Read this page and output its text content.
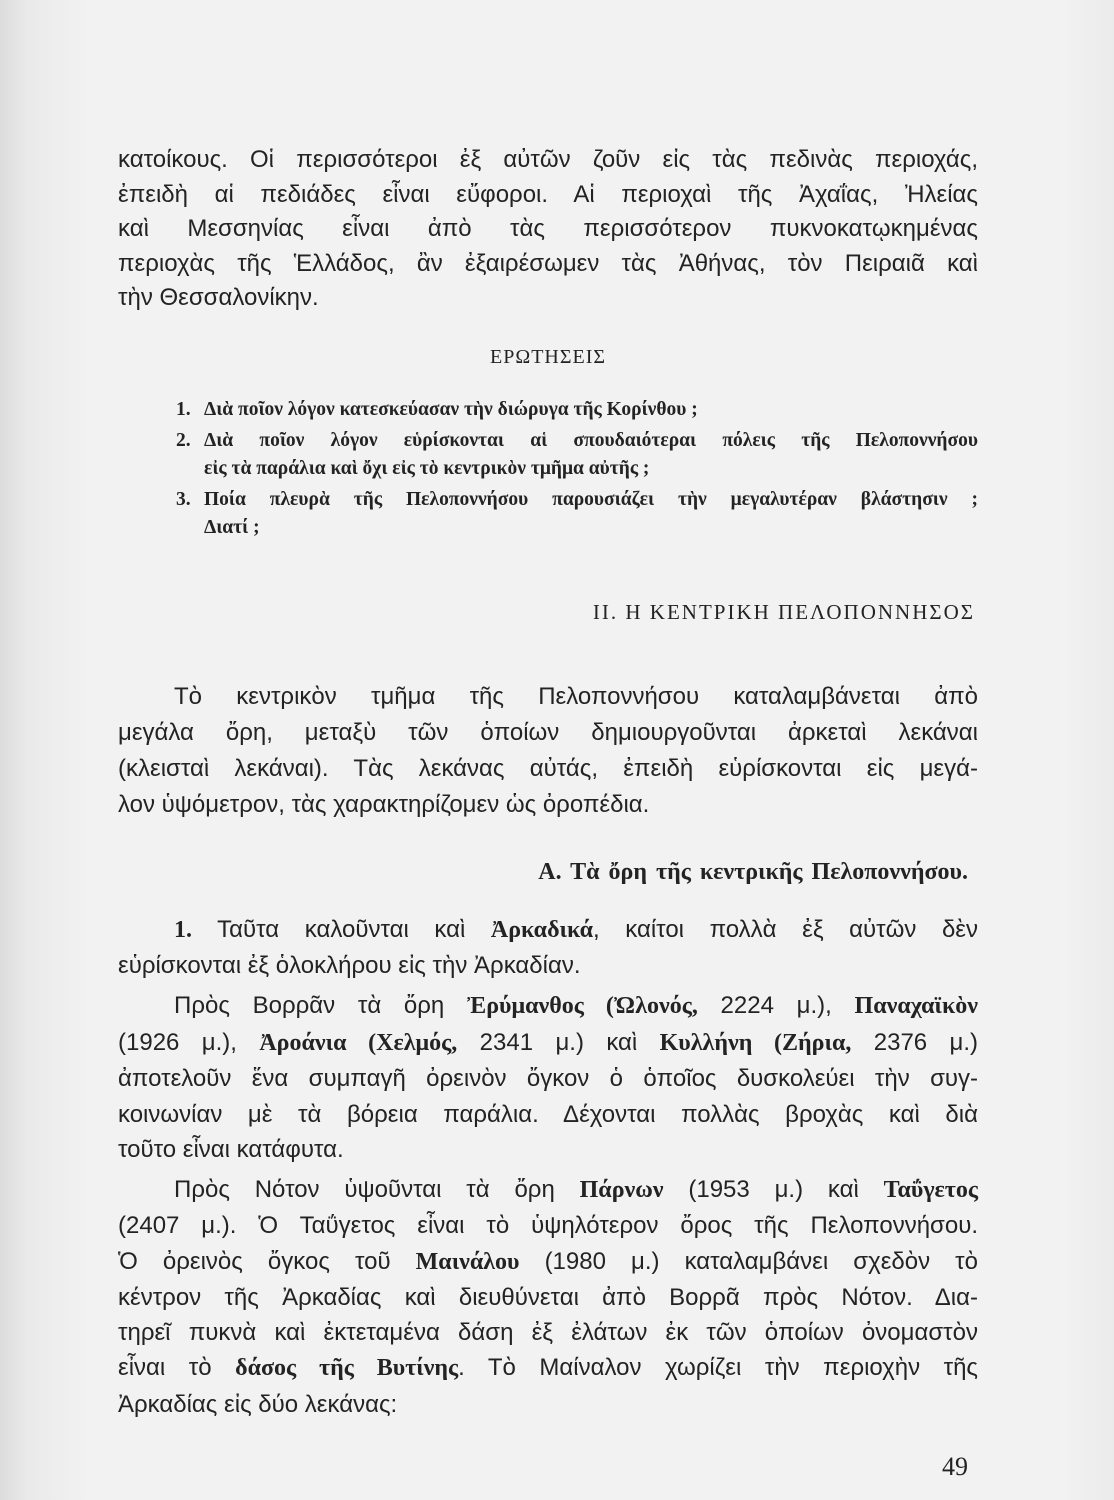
κατοίκους. Οἱ περισσότεροι ἐξ αὐτῶν ζοῦν εἰς τὰς πεδινὰς περιοχάς,
ἐπειδὴ αἱ πεδιάδες εἶναι εὔφοροι. Αἱ περιοχαὶ τῆς Ἀχαΐας, Ἠλείας
καὶ Μεσσηνίας εἶναι ἀπὸ τὰς περισσότερον πυκνοκατῳκημένας
περιοχὰς τῆς Ἑλλάδος, ἂν ἐξαιρέσωμεν τὰς Ἀθήνας, τὸν Πειραιᾶ καὶ
τὴν Θεσσαλονίκην.
ΕΡΩΤΗΣΕΙΣ
1. Διὰ ποῖον λόγον κατεσκεύασαν τὴν διώρυγα τῆς Κορίνθου ;
2. Διὰ ποῖον λόγον εὑρίσκονται αἱ σπουδαιότεραι πόλεις τῆς Πελοποννήσου
εἰς τὰ παράλια καὶ ὄχι εἰς τὸ κεντρικὸν τμῆμα αὐτῆς ;
3. Ποία πλευρὰ τῆς Πελοποννήσου παρουσιάζει τὴν μεγαλυτέραν βλάστησιν ;
Διατί ;
II. Η ΚΕΝΤΡΙΚΗ ΠΕΛΟΠΟΝΝΗΣΟΣ
Τὸ κεντρικὸν τμῆμα τῆς Πελοποννήσου καταλαμβάνεται ἀπὸ
μεγάλα ὄρη, μεταξὺ τῶν ὁποίων δημιουργοῦνται ἀρκεταὶ λεκάναι
(κλεισταὶ λεκάναι). Τὰς λεκάνας αὐτάς, ἐπειδὴ εὑρίσκονται εἰς μεγά-
λον ὑψόμετρον, τὰς χαρακτηρίζομεν ὡς ὀροπέδια.
Α. Τὰ ὄρη τῆς κεντρικῆς Πελοποννήσου.
1. Ταῦτα καλοῦνται καὶ Ἀρκαδικά, καίτοι πολλὰ ἐξ αὐτῶν δὲν
εὑρίσκονται ἐξ ὁλοκλήρου εἰς τὴν Ἀρκαδίαν.
Πρὸς Βορρᾶν τὰ ὄρη Ἐρύμανθος (Ὠλονός, 2224 μ.), Παναχαϊκὸν
(1926 μ.), Ἀροάνια (Χελμός, 2341 μ.) καὶ Κυλλήνη (Ζήρια, 2376 μ.)
ἀποτελοῦν ἕνα συμπαγῆ ὀρεινὸν ὄγκον ὁ ὁποῖος δυσκολεύει τὴν συγ-
κοινωνίαν μὲ τὰ βόρεια παράλια. Δέχονται πολλὰς βροχὰς καὶ διὰ
τοῦτο εἶναι κατάφυτα.
Πρὸς Νότον ὑψοῦνται τὰ ὄρη Πάρνων (1953 μ.) καὶ Ταΰγετος
(2407 μ.). Ὁ Ταΰγετος εἶναι τὸ ὑψηλότερον ὄρος τῆς Πελοποννήσου.
Ὁ ὀρεινὸς ὄγκος τοῦ Μαινάλου (1980 μ.) καταλαμβάνει σχεδὸν τὸ
κέντρον τῆς Ἀρκαδίας καὶ διευθύνεται ἀπὸ Βορρᾶ πρὸς Νότον. Δια-
τηρεῖ πυκνὰ καὶ ἐκτεταμένα δάση ἐξ ἐλάτων ἐκ τῶν ὁποίων ὀνομαστὸν
εἶναι τὸ δάσος τῆς Βυτίνης. Τὸ Μαίναλον χωρίζει τὴν περιοχὴν τῆς
Ἀρκαδίας εἰς δύο λεκάνας:
49
